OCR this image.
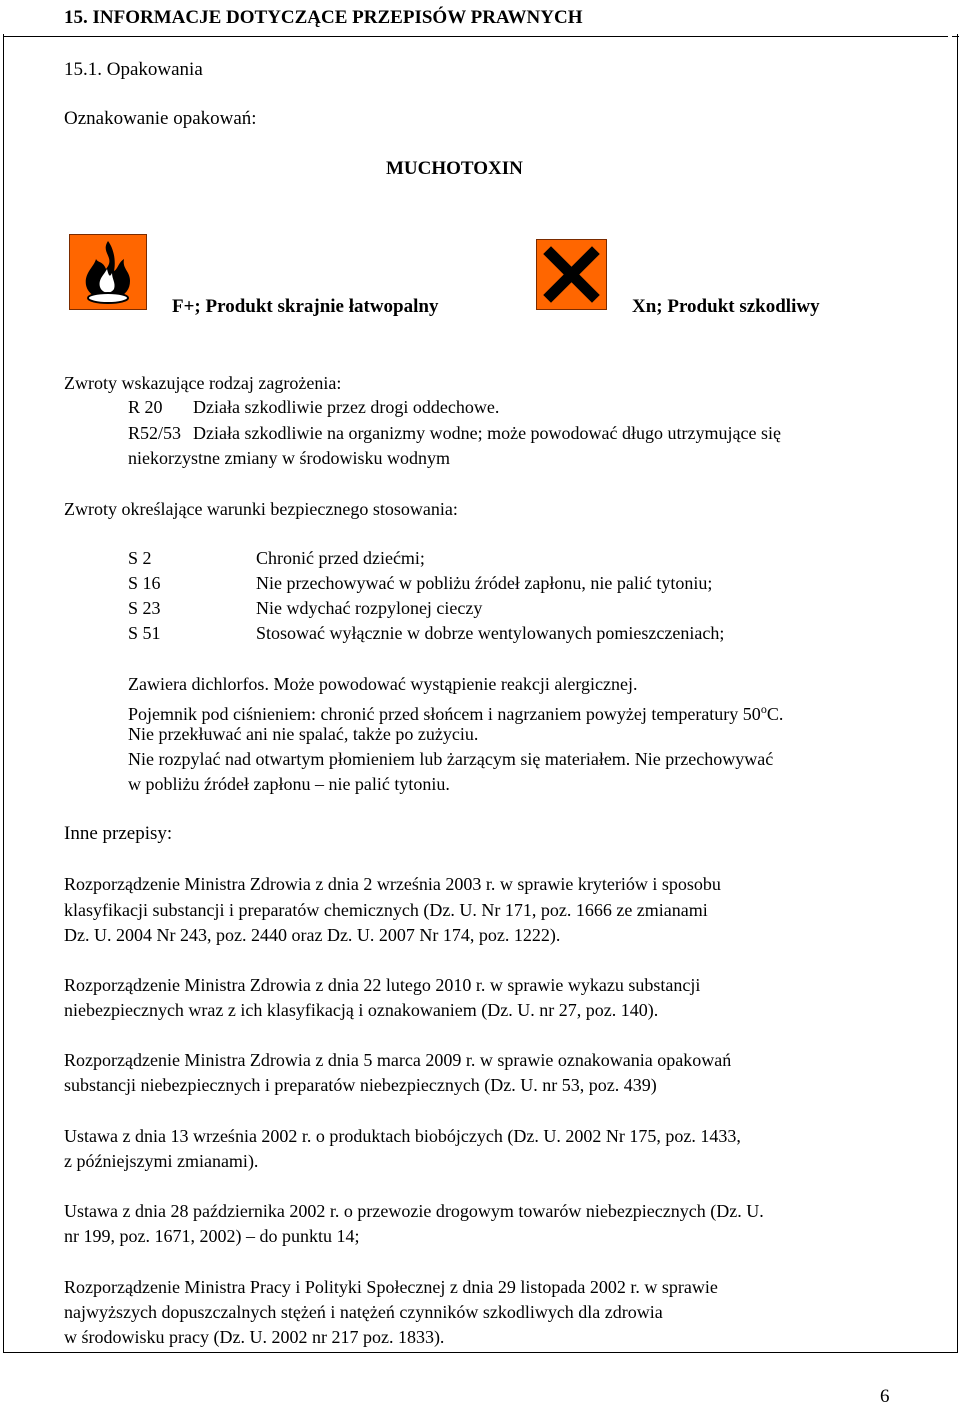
15. INFORMACJE DOTYCZĄCE PRZEPISÓW PRAWNYCH
15.1. Opakowania
Oznakowanie opakowań:
MUCHOTOXIN
F+; Produkt skrajnie łatwopalny	Xn; Produkt szkodliwy
Zwroty wskazujące rodzaj zagrożenia:
R 20 Działa szkodliwie przez drogi oddechowe.
R52/53 Działa szkodliwie na organizmy wodne; może powodować długo utrzymujące się
niekorzystne zmiany w środowisku wodnym
Zwroty określające warunki bezpiecznego stosowania:
S 2	Chronić przed dziećmi;
S 16	Nie przechowywać w pobliżu źródeł zapłonu, nie palić tytoniu;
S 23	Nie wdychać rozpylonej cieczy
S 51	Stosować wyłącznie w dobrze wentylowanych pomieszczeniach;
Zawiera dichlorfos. Może powodować wystąpienie reakcji alergicznej.
Pojemnik pod ciśnieniem: chronić przed słońcem i nagrzaniem powyżej temperatury 50$^o$C.
Nie przekłuwać ani nie spalać, także po zużyciu.
Nie rozpylać nad otwartym płomieniem lub żarzącym się materiałem. Nie przechowywać
w pobliżu źródeł zapłonu – nie palić tytoniu.
Inne przepisy:
Rozporządzenie Ministra Zdrowia z dnia 2 września 2003 r. w sprawie kryteriów i sposobu
klasyfikacji substancji i preparatów chemicznych (Dz. U. Nr 171, poz. 1666 ze zmianami
Dz. U. 2004 Nr 243, poz. 2440 oraz Dz. U. 2007 Nr 174, poz. 1222).
Rozporządzenie Ministra Zdrowia z dnia 22 lutego 2010 r. w sprawie wykazu substancji
niebezpiecznych wraz z ich klasyfikacją i oznakowaniem (Dz. U. nr 27, poz. 140).
Rozporządzenie Ministra Zdrowia z dnia 5 marca 2009 r. w sprawie oznakowania opakowań
substancji niebezpiecznych i preparatów niebezpiecznych (Dz. U. nr 53, poz. 439)
Ustawa z dnia 13 września 2002 r. o produktach biobójczych (Dz. U. 2002 Nr 175, poz. 1433,
z późniejszymi zmianami).
Ustawa z dnia 28 października 2002 r. o przewozie drogowym towarów niebezpiecznych (Dz. U.
nr 199, poz. 1671, 2002) – do punktu 14;
Rozporządzenie Ministra Pracy i Polityki Społecznej z dnia 29 listopada 2002 r. w sprawie
najwyższych dopuszczalnych stężeń i natężeń czynników szkodliwych dla zdrowia
w środowisku pracy (Dz. U. 2002 nr 217 poz. 1833).
6
